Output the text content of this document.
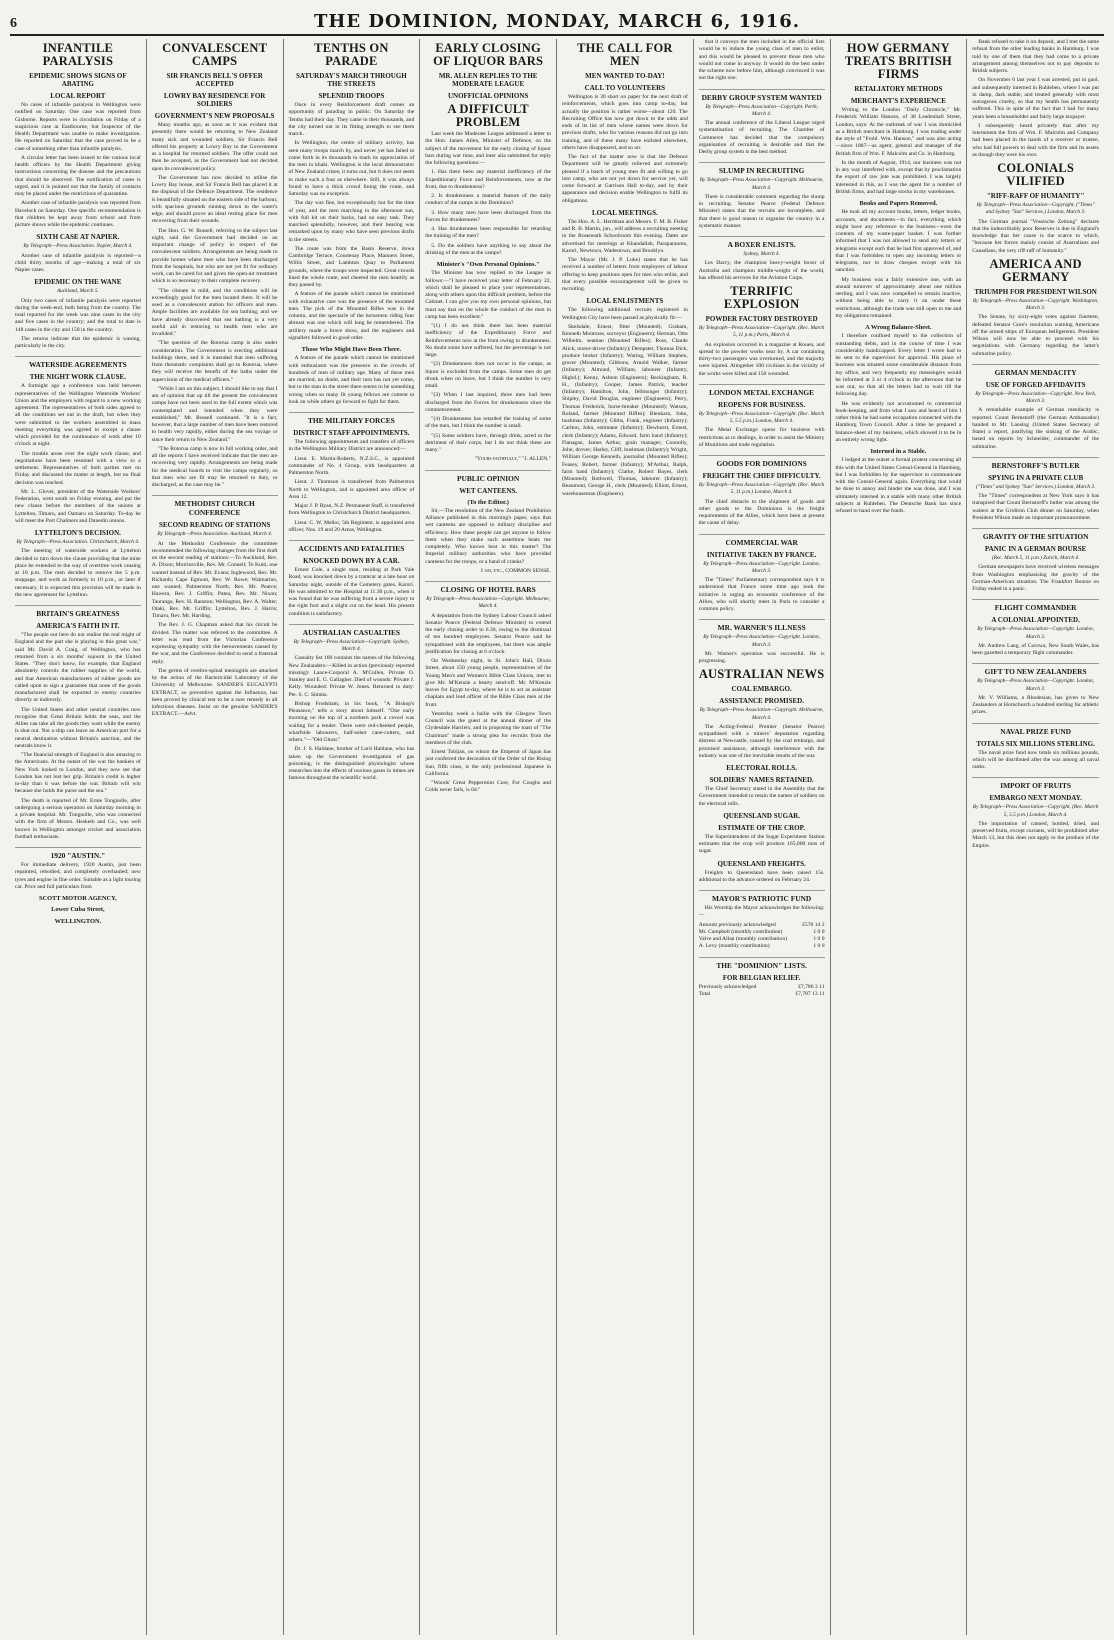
6	THE DOMINION, MONDAY, MARCH 6, 1916.
INFANTILE PARALYSIS
EPIDEMIC SHOWS SIGNS OF ABATING
LOCAL REPORT

No cases of infantile paralysis in Wellington were notified on Saturday. One case was reported from Gisborne. Reports were in circulation on Friday of a suspicious case at Eastbourne, but Inspector of the Health Department was unable to make investigation. He reported on Saturday that the case proved to be a case of something other than infantile paralysis.

A circular letter has been issued to the various local health officers by the Health Department giving instructions concerning the disease and the precautions that should be observed. The notification of cases is urged, and it is pointed out that the family of contacts may be placed under the restrictions of quarantine.

Another case of infantile paralysis was reported from Havelock on Saturday. One specific recommendation is that children be kept away from school and from picture shows while the epidemic continues.

SIXTH CASE AT NAPIER.

By Telegraph—Press Association. Napier, March 4.

Another case of infantile paralysis is reported—a child thirty months of age—making a total of six Napier cases.

EPIDEMIC ON THE WANE

Auckland, March 5.

Only two cases of infantile paralysis were reported during the week-end, both being from the country. The total reported for the week was nine cases in the city and five cases in the country; and the total to date is 148 cases in the city and 158 in the country.

The returns indicate that the epidemic is waning, particularly in the city.

WATERSIDE AGREEMENTS
THE NIGHT WORK CLAUSE.

A fortnight ago a conference was held between representatives of the Wellington Waterside Workers' Union and the employers with regard to a new working agreement. The representatives of both sides agreed to all the conditions set out in the draft, but when they were submitted to the workers assembled in mass meeting everything was agreed to except a clause which provided for the continuance of work after 10 o'clock at night.

The trouble arose over the night work clause, and negotiations have been resumed with a view to a settlement. Representatives of both parties met on Friday and discussed the matter at length, but no final decision was reached.

Mr. L. Glover, president of the Waterside Workers' Federation, went south on Friday evening, and put the new clause before the members of the unions at Lyttelton, Timaru, and Oamaru on Saturday. To-day he will meet the Port Chalmers and Dunedin unions.

LYTTELTON'S DECISION.

By Telegraph—Press Association. Christchurch, March 4.

The meeting of waterside workers at Lyttelton decided to turn down the clause providing that the mine place be extended to the way of overtime work ceasing at 10 p.m. The men decided to remove the 5 p.m. stoppage, and work as formerly to 10 p.m., or later if necessary. It is expected this provision will be made in the new agreement for Lyttelton.

BRITAIN'S GREATNESS
AMERICA'S FAITH IN IT.

"The people out here do not realise the real might of England and the part she is playing in this great war," said Mr. David A. Craig, of Wellington, who has returned from a six months' sojourn in the United States. "They don't know, for example, that England absolutely controls the rubber supplies of the world, and that American manufacturers of rubber goods are called upon to sign a guarantee that none of the goods manufactured shall be exported to enemy countries directly or indirectly.

The United States and other neutral countries now recognise that Great Britain holds the seas, and the Allies can take all the goods they want while the enemy is shut out. Not a ship can leave an American port for a neutral destination without Britain's sanction, and the neutrals know it.

"The financial strength of England is also amazing to the Americans. At the outset of the war the bankers of New York looked to London, and they now see that London has not lost her grip. Britain's credit is higher to-day than it was before the war. Britain will win because she holds the purse and the sea."

The death is reported of Mr. Ernie Tongnolle, after undergoing a serious operation on Saturday morning in a private hospital. Mr. Tongnolle, who was connected with the firm of Messrs. Hesketh and Co., was well known in Wellington amongst cricket and association football enthusiasts.

1920 "AUSTIN."

For immediate delivery, 1920 Austin, just been repainted, rebodied, and completely overhauled; new tyres and engine in fine order. Suitable as a light touring car. Price and full particulars from

SCOTT MOTOR AGENCY,
Lower Cuba Street,
WELLINGTON.
CONVALESCENT CAMPS
SIR FRANCIS BELL'S OFFER ACCEPTED
LOWRY BAY RESIDENCE FOR SOLDIERS
GOVERNMENT'S NEW PROPOSALS

Many months ago, as soon as it was evident that presently there would be returning to New Zealand many sick and wounded soldiers, Sir Francis Bell offered his property at Lowry Bay to the Government as a hospital for returned soldiers. The offer could not then be accepted, as the Government had not decided upon its convalescent policy.

The Government has now decided to utilise the Lowry Bay house, and Sir Francis Bell has placed it at the disposal of the Defence Department. The residence is beautifully situated on the eastern side of the harbour, with spacious grounds running down to the water's edge, and should prove an ideal resting place for men recovering from their wounds.

The Hon. G. W. Russell, referring to the subject last night, said the Government had decided on an important change of policy in respect of the convalescent soldiers. Arrangements are being made to provide homes where men who have been discharged from the hospitals, but who are not yet fit for ordinary work, can be cared for and given the open-air treatment which is so necessary to their complete recovery.

"The climate is mild, and the conditions will be exceedingly good for the men located there. It will be used as a convalescent station for officers and men. Ample facilities are available for sea bathing, and we have already discovered that sea bathing is a very useful aid in restoring to health men who are invalided."

"The question of the Rotorua camp is also under consideration. The Government is erecting additional buildings there, and it is intended that men suffering from rheumatic complaints shall go to Rotorua, where they will receive the benefit of the baths under the supervision of the medical officers."

"While I am on this subject, I should like to say that I am of opinion that up till the present the convalescent camps have not been used to the full extent which was contemplated and intended when they were established," Mr. Russell continued. "It is a fact, however, that a large number of men have been restored to health very rapidly, either during the sea voyage or since their return to New Zealand."

"The Rotorua camp is now in full working order, and all the reports I have received indicate that the men are recovering very rapidly. Arrangements are being made for the medical boards to visit the camps regularly, so that men who are fit may be returned to duty, or discharged, as the case may be."

METHODIST CHURCH CONFERENCE
SECOND READING OF STATIONS

By Telegraph—Press Association. Auckland, March 4.

At the Methodist Conference the committee recommended the following changes from the first draft on the second reading of stations:—To Auckland, Rev. A. Dixon; Morrinsville, Rev. Mr. Connell; Te Kuiti, one wanted instead of Rev. Mr. Evans; Inglewood, Rev. Mr. Richards; Cape Egmont, Rev. W. Rowe; Waimarino, one wanted; Palmerston North, Rev. Mr. Pearce; Hawera, Rev. J. Griffin; Patea, Rev. Mr. Nixon; Tauranga, Rev. H. Ranston; Wellington, Rev. A. Walter; Otaki, Rev. Mr. Griffin; Lyttelton, Rev. J. Harris; Timaru, Rev. Mr. Harding.

The Rev. J. G. Chapman asked that his circuit be divided. The matter was referred to the committee. A letter was read from the Victorian Conference expressing sympathy with the bereavements caused by the war, and the Conference decided to send a fraternal reply.

The germs of cerebro-spinal meningitis are attacked by the action of the Bactericidal Laboratory of the University of Melbourne. SANDER'S EUCALYPTI EXTRACT, so preventive against the Influenza, has been proved by clinical test to be a sure remedy in all infectious diseases. Insist on the genuine SANDER'S EXTRACT.—Advt.

TENTHS ON PARADE
SATURDAY'S MARCH THROUGH THE STREETS
SPLENDID TROOPS

Once in every Reinforcement draft comes an opportunity of parading in public. On Saturday the Tenths had their day. They came in their thousands, and the city turned out in its fitting strength to see them march.

In Wellington, the centre of military activity, has seen many troops march by, and never yet has failed to come forth in its thousands to mark its appreciation of the men in khaki. Wellington is the local demonstrator of New Zealand crises; it turns out, but it does not seem to make such a fuss as elsewhere. Still, it was always found to have a thick crowd lining the route, and Saturday was no exception.

The day was fine, but exceptionally hot for the time of year, and the men marching in the afternoon sun, with full kit on their backs, had no easy task. They marched splendidly, however, and their bearing was remarked upon by many who have seen previous drafts in the streets.

The route was from the Basin Reserve, down Cambridge Terrace, Courtenay Place, Manners Street, Willis Street, and Lambton Quay to Parliament grounds, where the troops were inspected. Great crowds lined the whole route, and cheered the men heartily as they passed by.

A feature of the parade which cannot be mentioned with exhaustive care was the presence of the mounted men. The pick of the Mounted Rifles was in the column, and the spectacle of the horsemen riding four abreast was one which will long be remembered. The artillery made a brave show, and the engineers and signallers followed in good order.

Those Who Might Have Been There.

A feature of the parade which cannot be mentioned with enthusiasm was the presence in the crowds of hundreds of men of military age. Many of these men are married, no doubt, and their turn has not yet come, but to the man in the street there seems to be something wrong when so many fit young fellows are content to look on while others go forward to fight for them.

THE MILITARY FORCES
DISTRICT STAFF APPOINTMENTS.

The following appointments and transfers of officers in the Wellington Military District are announced:—

Lieut. E. Martin-Roberts, N.Z.S.C., is appointed commander of No. 4 Group, with headquarters at Palmerston North.

Lieut. J. Thomson is transferred from Palmerston North to Wellington, and is appointed area officer of Area 12.

Major J. P. Ryan, N.Z. Permanent Staff, is transferred from Wellington to Christchurch District headquarters.

Lieut. C. W. Mellor, 5th Regiment, is appointed area officer, Nos. 19 and 20 Areas, Wellington.

ACCIDENTS AND FATALITIES
KNOCKED DOWN BY A CAR.

Ernest Cole, a single man, residing at Park Vale Road, was knocked down by a tramcar at a late hour on Saturday night, outside of the Cemetery gates, Karori. He was admitted to the Hospital at 11.30 p.m., when it was found that he was suffering from a severe injury to the right foot and a slight cut on the head. His present condition is satisfactory.

AUSTRALIAN CASUALTIES

By Telegraph—Press Association—Copyright. Sydney, March 4.

Casualty list 160 contains the names of the following New Zealanders:—Killed in action (previously reported missing): Lance-Corporal A. M'Cullen, Private O. Stanley and E. G. Gallagher. Died of wounds: Private J. Kelly. Wounded: Private W. Jones. Returned to duty: Pte. S. C. Simms.

Bishop Frodsham, in his book, "A Bishop's Pleasance," tells a story about himself. "One early morning on the top of a northern park a crowd was waiting for a tender. There were red-cheeked people, wharfside labourers, half-sober cane-cutters, and others."—"Old Ghost."

Dr. J. S. Haldane, brother of Lord Haldane, who has taken up the Government investigation of gas poisoning, is the distinguished physiologist whose researches into the effects of noxious gases in mines are famous throughout the scientific world.

EARLY CLOSING OF LIQUOR BARS
MR. ALLEN REPLIES TO THE MODERATE LEAGUE
UNOFFICIAL OPINIONS
A DIFFICULT PROBLEM

Last week the Moderate League addressed a letter to the Hon. James Allen, Minister of Defence, on the subject of the movement for the early closing of liquor bars during war time, and inter alia submitted for reply the following questions:—

1. Has there been any material inefficiency of the Expeditionary Force and Reinforcements, now at the front, due to drunkenness?

2. Is drunkenness a material feature of the daily conduct of the camps in the Dominion?

3. How many men have been discharged from the Forces for drunkenness?

4. Has drunkenness been responsible for retarding the training of the men?

5. Do the soldiers have anything to say about the drinking of the men at the camps?

Minister's "Own Personal Opinions."

The Minister has now replied to the League as follows:—"I have received your letter of February 22, which shall be pleased to place your representations, along with others upon this difficult problem, before the Cabinet. I can give you my own personal opinions, but must say that on the whole the conduct of the men in camp has been excellent."

"(1) I do not think there has been material inefficiency of the Expeditionary Force and Reinforcements now at the front owing to drunkenness. No doubt some have suffered, but the percentage is not large.

"(2) Drunkenness does not occur in the camps, as liquor is excluded from the camps. Some men do get drunk when on leave, but I think the number is very small.

"(3) When I last inquired, three men had been discharged from the Forces for drunkenness since the commencement.

"(4) Drunkenness has retarded the training of some of the men, but I think the number is small.

"(5) Some soldiers have, through drink, acted to the detriment of their corps, but I do not think these are many."

"Yours faithfully," "J. ALLEN."

PUBLIC OPINION
WET CANTEENS.
(To the Editor.)

Sir,—The resolution of the New Zealand Prohibition Alliance published in this morning's paper, says that wet canteens are opposed to military discipline and efficiency. How these people can get anyone to follow them when they make such assertions beats me completely. Who knows best in this matter? The Imperial military authorities who have provided canteens for the troops, or a band of cranks?

I am, etc., COMMON SENSE.

CLOSING OF HOTEL BARS

By Telegraph—Press Association—Copyright. Melbourne, March 4.

A deputation from the Sydney Labour Council asked Senator Pearce (Federal Defence Minister) to extend the early closing order to 6.30, owing to the dismissal of ten hundred employees. Senator Pearce said he sympathised with the employees, but there was ample justification for closing at 6 o'clock.

On Wednesday night, in St. John's Hall, Dixon Street, about 150 young people, representatives of the Young Men's and Women's Bible Class Unions, met to give Mr. M'Kenzie a hearty send-off. Mr. M'Kenzie leaves for Egypt to-day, where he is to act as assistant chaplain and lead officer of the Bible Class men at the front.

Yesterday week a bailie with the Glasgow Town Council was the guest at the annual dinner of the Clydesdale Harriers, and in proposing the toast of "The Chairman" made a strong plea for recruits from the members of the club.

Ernest Tobijan, on whom the Emperor of Japan has just conferred the decoration of the Order of the Rising Sun, fifth class, is the only professional Japanese in California.

"Woods' Great Peppermint Cure, For Coughs and Colds never fails, is 6d."

THE CALL FOR MEN
MEN WANTED TO-DAY!
CALL TO VOLUNTEERS

Wellington is 30 short on paper for the next draft of reinforcements, which goes into camp to-day, but actually the position is rather worse—about 120. The Recruiting Office has now got down to the odds and ends of its list of men whose names were down for previous drafts, who for various reasons did not go into training, and of these many have enlisted elsewhere, others have disappeared, and so on.

The fact of the matter now is that the Defence Department will be greatly relieved and extremely pleased if a batch of young men fit and willing to go into camp, who are not yet down for service yet, will come forward at Garrison Hall to-day, and by their appearance and decision enable Wellington to fulfil its obligations.

LOCAL MEETINGS.

The Hon. A. L. Herdman and Messrs. F. M. B. Fisher and R. B. Martin, jun., will address a recruiting meeting in the Roseneath Schoolroom this evening. Dates are advertised for meetings at Khandallah, Paraparaumu, Karori, Newtown, Wadestown, and Brooklyn.

The Mayor (Mr. J. P. Luke) states that he has received a number of letters from employers of labour offering to keep positions open for men who enlist, and that every possible encouragement will be given to recruiting.

LOCAL ENLISTMENTS

The following additional recruits registered in Wellington City have been passed as physically fit:—

Skelsdale, Ernest, fitter (Mounted); Graham, Kenneth Montrose, surveyor (Engineers); Herman, Otto Wilhelm, seaman (Mounted Rifles); Ross, Claude Alick, motor-driver (Infantry); Dempster, Thomas Dick, produce broker (Infantry); Waring, William Stephen, grocer (Mounted); Gibbons, Arnold Walker, farmer (Infantry); Almond, William, labourer (Infantry, Highd.); Kenny, Ashton (Engineers); Beckingham, R. H., (Infantry); Cooper, James Patrick, teacher (Infantry); Hamilton, John, fellmonger (Infantry); Shipley, David Douglas, engineer (Engineers); Perry, Thomas Frederick, horse-breaker (Mounted); Watson, Roland, farmer (Mounted Rifles); Blenkarn, John, bushman (Infantry); Gibbs, Frank, engineer (Infantry); Carlton, John, estimator (Infantry); Dewhurst, Ernest, clerk (Infantry); Adams, Edward, farm hand (Infantry); Flanagan, James Arthur, grain manager; Connolly, John, drover; Harley, Cliff, bushman (Infantry); Wright, William George Kenneth, journalist (Mounted Rifles); Feasey, Robert, farmer (Infantry); M'Arthur, Ralph, farm hand (Infantry); Clarke, Robert Bayes, clerk (Mounted); Rothwell, Thomas, labourer (Infantry); Beaumont, George H., clerk (Mounted); Elliott, Ernest, warehouseman (Engineers).

that it conveys the men included in the official lists would be to induce the young class of men to enlist, and this would be pleased to prevent those men who would not come in anyway. It would do the best under the scheme now before him, although convinced it was not the right one.

DERBY GROUP SYSTEM WANTED

By Telegraph—Press Association—Copyright. Perth, March 4.

The annual conference of the Liberal League urged systematisation of recruiting. The Chamber of Commerce has decided that the compulsory organisation of recruiting is desirable and that the Derby group system is the best method.

SLUMP IN RECRUITING

By Telegraph—Press Association—Copyright. Melbourne, March 4.

There is considerable comment regarding the slump in recruiting. Senator Pearce (Federal Defence Minister) states that the recruits are incomplete, and that there is good reason to organise the country in a systematic manner.

A BOXER ENLISTS.

Sydney, March 4.

Les Darcy, the champion heavy-weight boxer of Australia and champion middle-weight of the world, has offered his services for the Aviation Corps.

TERRIFIC EXPLOSION
POWDER FACTORY DESTROYED

By Telegraph—Press Association—Copyright. (Rec. March 5, 11 p.m.) Paris, March 4.

An explosion occurred in a magazine at Rouen, and spread to the powder works near by. A car containing thirty-two passengers was overturned, and the majority were injured. Altogether 100 civilians in the vicinity of the works were killed and 150 wounded.

LONDON METAL EXCHANGE
REOPENS FOR BUSINESS.

By Telegraph—Press Association—Copyright. (Rec. March 5, 5.5 p.m.) London, March 4.

The Metal Exchange opens for business with restrictions as to dealings, in order to assist the Ministry of Munitions and trade regulation.

GOODS FOR DOMINIONS
FREIGHT THE CHIEF DIFFICULTY.

By Telegraph—Press Association—Copyright. (Rec. March 5, 11 p.m.) London, March 4.

The chief obstacle to the shipment of goods and other goods to the Dominions is the freight requirements of the Allies, which have been at present the cause of delay.

COMMERCIAL WAR
INITIATIVE TAKEN BY FRANCE.

By Telegraph—Press Association—Copyright. London, March 3.

The "Times" Parliamentary correspondent says it is understood that France some time ago took the initiative in urging an economic conference of the Allies, who will shortly meet in Paris to consider a common policy.

MR. WARNER'S ILLNESS

By Telegraph—Press Association—Copyright. London, March 3.

Mr. Warner's operation was successful. He is progressing.

AUSTRALIAN NEWS
COAL EMBARGO.
ASSISTANCE PROMISED.

By Telegraph—Press Association—Copyright. Melbourne, March 4.

The Acting-Federal Premier (Senator Pearce) sympathised with a miners' deputation regarding distress at Newcastle, caused by the coal embargo, and promised assistance, although interference with the industry was one of the inevitable results of the war.

ELECTORAL ROLLS.
SOLDIERS' NAMES RETAINED.

The Chief Secretary stated in the Assembly that the Government intended to retain the names of soldiers on the electoral rolls.

QUEENSLAND SUGAR.
ESTIMATE OF THE CROP.

The Superintendent of the Sugar Experiment Station estimates that the crop will produce 165,000 tons of sugar.

QUEENSLAND FREIGHTS.

Freights to Queensland have been raised 15s. additional to the advance ordered on February 24.

MAYOR'S PATRIOTIC FUND

His Worship the Mayor acknowledges the following:—

Amount previously acknowledged	£570 14 2
Mr. Campbell (monthly contribution)	1 0 0
Valve and Allan (monthly contribution)	1 0 0
A. Levy (monthly contribution)	1 0 0
THE "DOMINION" LISTS.
FOR BELGIAN RELIEF.
Previously acknowledged	£7,786 3 11
Total	£7,787 13 11
HOW GERMANY TREATS BRITISH FIRMS
RETALIATORY METHODS
MERCHANT'S EXPERIENCE

Writing to the London "Daily Chronicle," Mr. Frederick William Hanson, of 38 Leadenhall Street, London, says: At the outbreak of war I was domiciled as a British merchant in Hamburg. I was trading under the style of "Frobl. Wm. Hanson," and was also acting—since 1887—as agent, general and manager of the British firm of Wm. F. Malcolm and Co. in Hamburg.

In the month of August, 1914, our business was not in any way interfered with, except that by proclamation the export of raw jute was prohibited. I was largely interested in this, as I was the agent for a number of British firms, and had large stocks in my warehouses.

Books and Papers Removed.

He took all my account books, letters, ledger books, accounts, and documents—in fact, everything which might have any reference to the business—even the contents of my waste-paper basket. I was further informed that I was not allowed to send any letters or telegrams except such that he had first approved of, and that I was forbidden to open any incoming letters or telegrams, nor to draw cheques except with his sanction.

My business was a fairly extensive one, with an annual turnover of approximately about one million sterling, and I was now compelled to remain inactive, without being able to carry it on under these restrictions, although the trade was still open to me and my obligations remained.

A Wrong Balance-Sheet.

I therefore confined myself to the collection of outstanding debts, and in the course of time I was considerably handicapped. Every letter I wrote had to be sent to the supervisor for approval. His place of business was situated some considerable distance from my office, and very frequently my messengers would be informed at 3 or 4 o'clock in the afternoon that he was out, so that all the letters had to wait till the following day.

He was evidently not accustomed to commercial book-keeping, and from what I saw and heard of him I rather think he had some occupation connected with the Hamburg Town Council. After a time he prepared a balance-sheet of my business, which showed it to be in an entirely wrong light.

Interned in a Stable.

I lodged at the outset a formal protest concerning all this with the United States Consul-General in Hamburg, but I was forbidden by the supervisor to communicate with the Consul-General again. Everything that could be done to annoy and hinder me was done, and I was ultimately interned in a stable with many other British subjects at Ruhleben. The Deutsche Bank has since refused to hand over the funds.

Bank refused to take it on deposit, and I met the same refusal from the other leading banks in Hamburg. I was told by one of them that they had come to a private arrangement among themselves not to pay deposits to British subjects.

On November 6 last year I was arrested, put in gaol, and subsequently interned in Ruhleben, where I was put in damp, dark stable, and treated generally with most outrageous cruelty, so that my health has permanently suffered. This in spite of the fact that I had for many years been a householder and fairly large taxpayer.

I subsequently heard privately that after my internment the firm of Wm. F. Malcolm and Company had been placed in the hands of a receiver or trustee, who had full powers to deal with the firm and its assets as though they were his own.

COLONIALS VILIFIED
"RIFF-RAFF OF HUMANITY"

By Telegraph—Press Association—Copyright. ("Times" and Sydney "Sun" Services.) London, March 3.

The German journal "Vossische Zeitung" declares that the indescribably poor Reserves is due to England's knowledge that her cause is the scarce to which, "because her forces mainly consist of Australians and Canadians, the very riff-raff of humanity."

AMERICA AND GERMANY
TRIUMPH FOR PRESIDENT WILSON

By Telegraph—Press Association—Copyright. Washington, March 3.

The Senate, by sixty-eight votes against fourteen, defeated Senator Gore's resolution warning Americans off the armed ships of European belligerents. President Wilson will now be able to proceed with his negotiations with Germany regarding the latter's submarine policy.

GERMAN MENDACITY
USE OF FORGED AFFIDAVITS

By Telegraph—Press Association—Copyright. New York, March 3.

A remarkable example of German mendacity is reported. Count Bernstorff (the German Ambassador) handed to Mr. Lansing (United States Secretary of State) a report, justifying the sinking of the Arabic, based on reports by Schneider, commander of the submarine.

BERNSTORFF'S BUTLER
SPYING IN A PRIVATE CLUB

("Times" and Sydney "Sun" Services.) London, March 3.

The "Times" correspondent at New York says it has transpired that Count Bernstorff's butler was among the waiters at the Gridiron Club dinner on Saturday, when President Wilson made an important pronouncement.

GRAVITY OF THE SITUATION
PANIC IN A GERMAN BOURSE

(Rec. March 5, 11 p.m.) Zurich, March 4.

German newspapers have received wireless messages from Washington emphasising the gravity of the German-American situation. The Frankfort Bourse on Friday ended in a panic.

FLIGHT COMMANDER
A COLONIAL APPOINTED.

By Telegraph—Press Association—Copyright. London, March 3.

Mr. Andrew Lang, of Corowa, New South Wales, has been gazetted a temporary flight commander.

GIFT TO NEW ZEALANDERS

By Telegraph—Press Association—Copyright. London, March 3.

Mr. V. Williams, a Rhodesian, has given to New Zealanders at Hornchurch a hundred sterling for athletic prizes.

NAVAL PRIZE FUND
TOTALS SIX MILLIONS STERLING.

The naval prize fund now totals six millions pounds, which will be distributed after the war among all naval ranks.

IMPORT OF FRUITS
EMBARGO NEXT MONDAY.

By Telegraph—Press Association—Copyright. (Rec. March 5, 5.5 p.m.) London, March 4.

The importation of canned, bottled, dried, and preserved fruits, except currants, will be prohibited after March 13, but this does not apply to the produce of the Empire.
